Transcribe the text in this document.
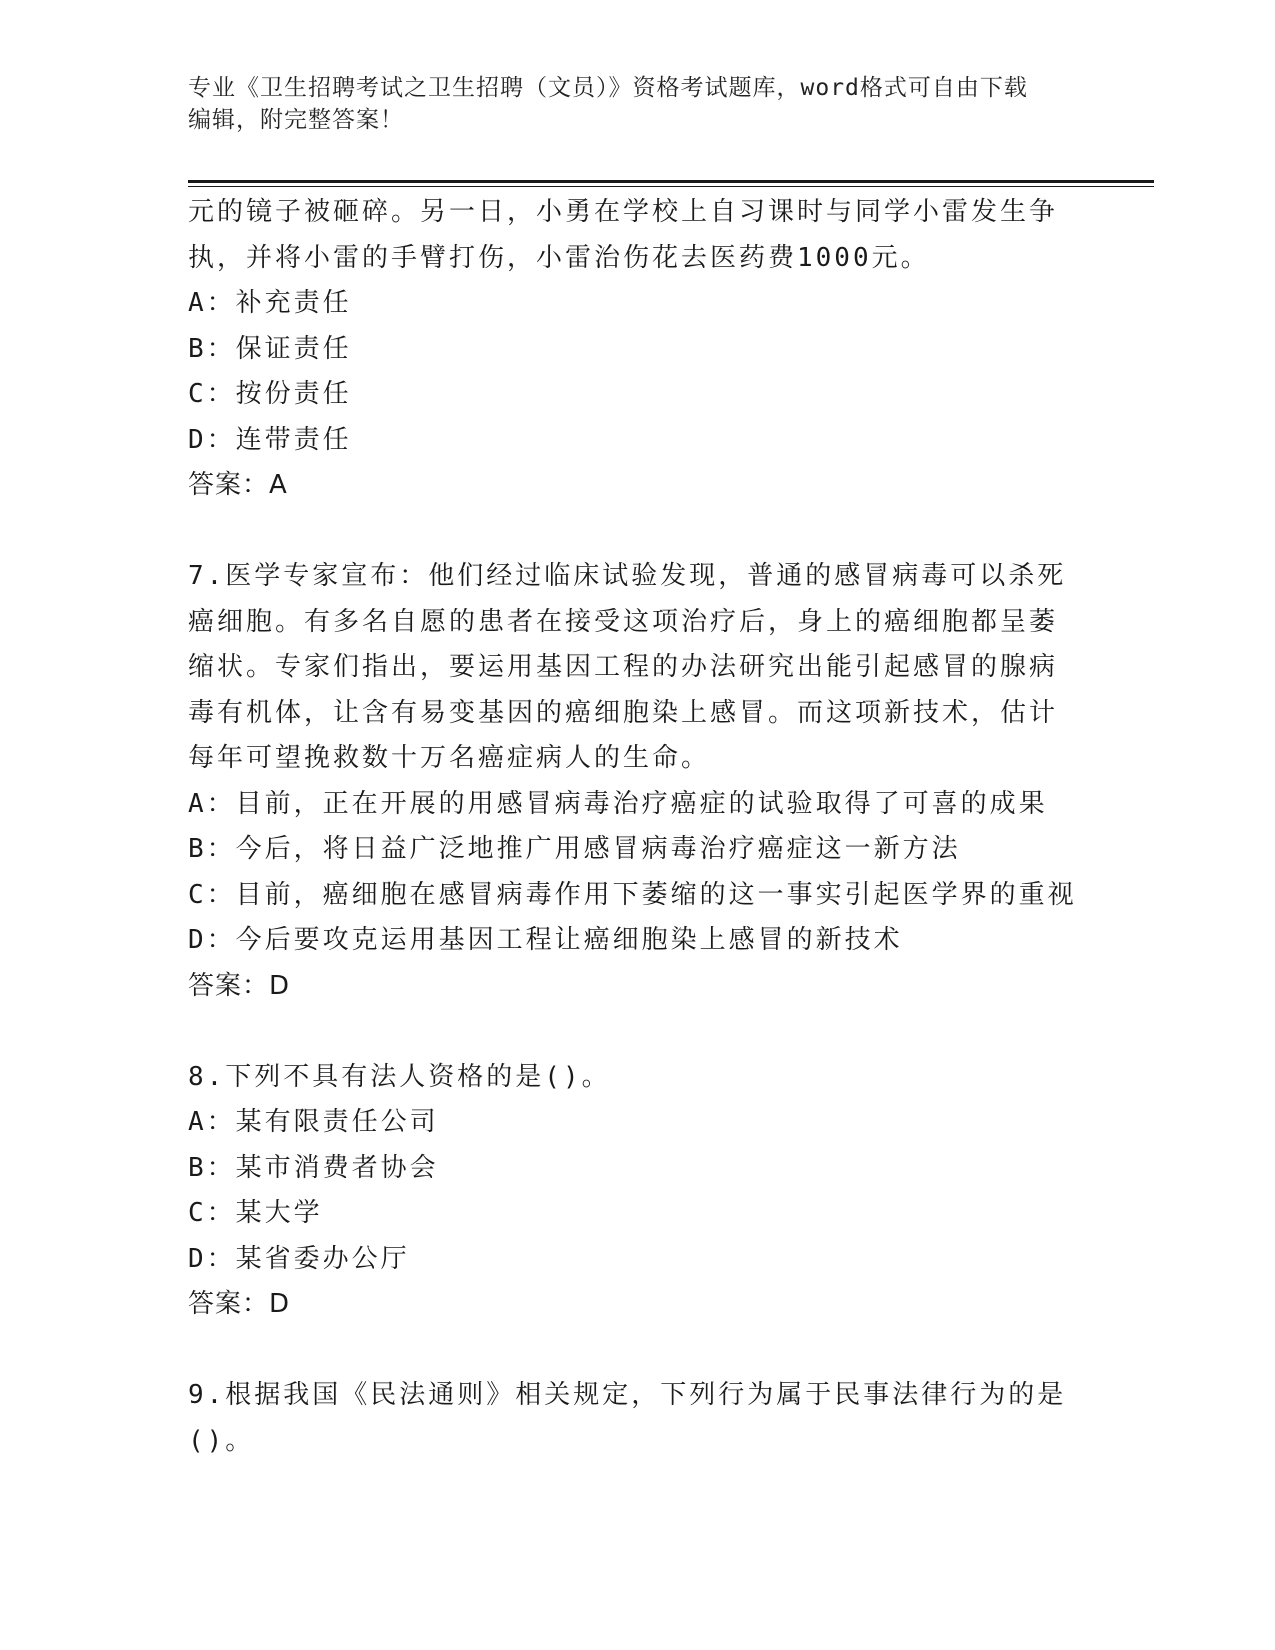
专业《卫生招聘考试之卫生招聘（文员）》资格考试题库，word格式可自由下载
编辑，附完整答案！
元的镜子被砸碎。另一日，小勇在学校上自习课时与同学小雷发生争
执，并将小雷的手臂打伤，小雷治伤花去医药费1000元。
A：补充责任
B：保证责任
C：按份责任
D：连带责任
答案：A
7.医学专家宣布：他们经过临床试验发现，普通的感冒病毒可以杀死
癌细胞。有多名自愿的患者在接受这项治疗后，身上的癌细胞都呈萎
缩状。专家们指出，要运用基因工程的办法研究出能引起感冒的腺病
毒有机体，让含有易变基因的癌细胞染上感冒。而这项新技术，估计
每年可望挽救数十万名癌症病人的生命。
A：目前，正在开展的用感冒病毒治疗癌症的试验取得了可喜的成果
B：今后，将日益广泛地推广用感冒病毒治疗癌症这一新方法
C：目前，癌细胞在感冒病毒作用下萎缩的这一事实引起医学界的重视
D：今后要攻克运用基因工程让癌细胞染上感冒的新技术
答案：D
8.下列不具有法人资格的是()。
A：某有限责任公司
B：某市消费者协会
C：某大学
D：某省委办公厅
答案：D
9.根据我国《民法通则》相关规定，下列行为属于民事法律行为的是
()。
